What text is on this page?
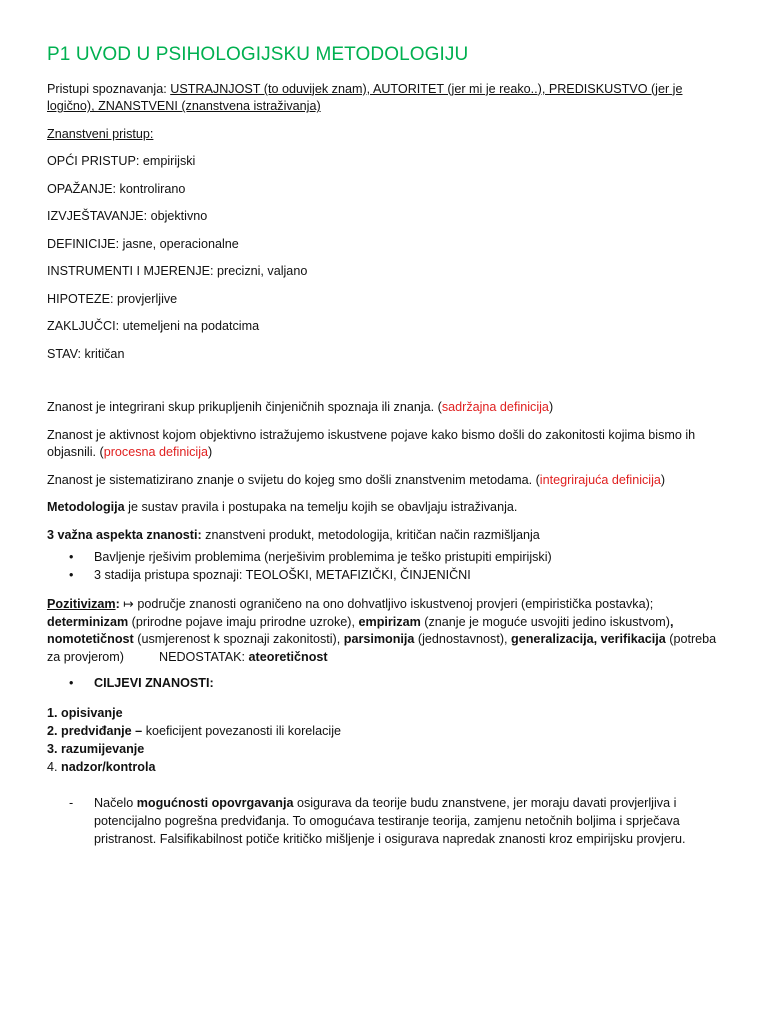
P1 UVOD U PSIHOLOGIJSKU METODOLOGIJU

Pristupi spoznavanja: USTRAJNJOST (to oduvijek znam), AUTORITET (jer mi je reako..), PREDISKUSTVO (jer je logično), ZNANSTVENI (znanstvena istraživanja)

Znanstveni pristup:

OPĆI PRISTUP: empirijski

OPAŽANJE: kontrolirano

IZVJEŠTAVANJE: objektivno

DEFINICIJE: jasne, operacionalne

INSTRUMENTI I MJERENJE: precizni, valjano

HIPOTEZE: provjerljive

ZAKLJUČCI: utemeljeni na podatcima

STAV: kritičan

Znanost je integrirani skup prikupljenih činjeničnih spoznaja ili znanja. (sadržajna definicija)

Znanost je aktivnost kojom objektivno istražujemo iskustvene pojave kako bismo došli do zakonitosti kojima bismo ih objasnili. (procesna definicija)

Znanost je sistematizirano znanje o svijetu do kojeg smo došli znanstvenim metodama. (integrirajuća definicija)

Metodologija je sustav pravila i postupaka na temelju kojih se obavljaju istraživanja.

3 važna aspekta znanosti: znanstveni produkt, metodologija, kritičan način razmišljanja

• Bavljenje rješivim problemima (nerješivim problemima je teško pristupiti empirijski)
• 3 stadija pristupa spoznaji: TEOLOŠKI, METAFIZIČKI, ČINJENIČNI

Pozitivizam: ↦ područje znanosti ograničeno na ono dohvatljivo iskustvenoj provjeri (empiristička postavka); determinizam (prirodne pojave imaju prirodne uzroke), empirizam (znanje je moguće usvojiti jedino iskustvom), nomotetičnost (usmjerenost k spoznaji zakonitosti), parsimonija (jednostavnost), generalizacija, verifikacija (potreba za provjerom)          NEDOSTATAK: ateoretičnost

• CILJEVI ZNANOSTI:
1. opisivanje
2. predviđanje – koeficijent povezanosti ili korelacije
3. razumijevanje
4. nadzor/kontrola
- Načelo mogućnosti opovrgavanja osigurava da teorije budu znanstvene, jer moraju davati provjerljiva i potencijalno pogrešna predviđanja. To omogućava testiranje teorija, zamjenu netočnih boljima i sprječava pristranost. Falsifikabilnost potiče kritičko mišljenje i osigurava napredak znanosti kroz empirijsku provjeru.
